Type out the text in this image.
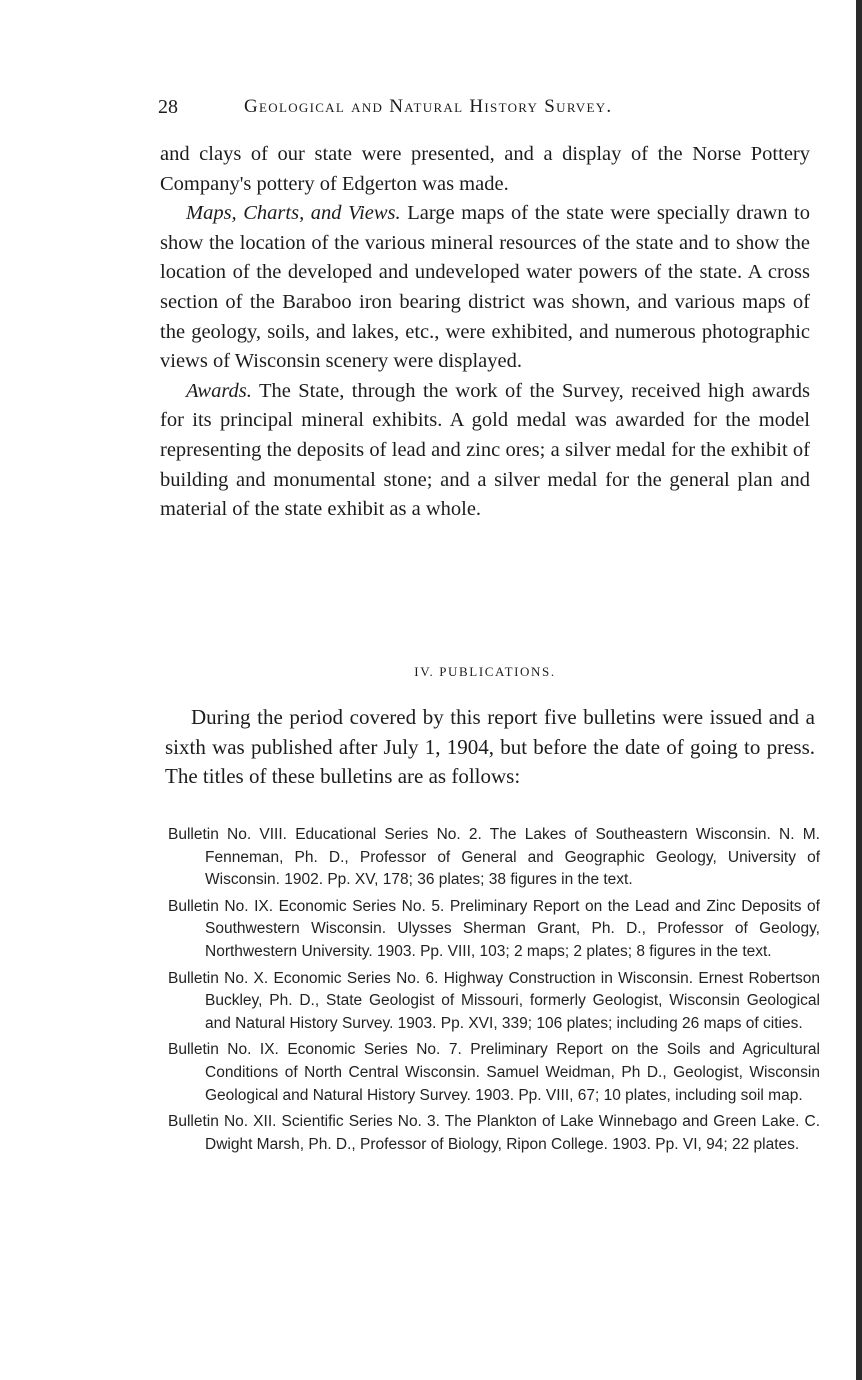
28	Geological and Natural History Survey.

and clays of our state were presented, and a display of the Norse Pottery Company's pottery of Edgerton was made.

Maps, Charts, and Views. Large maps of the state were specially drawn to show the location of the various mineral resources of the state and to show the location of the developed and undeveloped water powers of the state. A cross section of the Baraboo iron bearing district was shown, and various maps of the geology, soils, and lakes, etc., were exhibited, and numerous photographic views of Wisconsin scenery were displayed.

Awards. The State, through the work of the Survey, received high awards for its principal mineral exhibits. A gold medal was awarded for the model representing the deposits of lead and zinc ores; a silver medal for the exhibit of building and monumental stone; and a silver medal for the general plan and material of the state exhibit as a whole.

IV. PUBLICATIONS.

During the period covered by this report five bulletins were issued and a sixth was published after July 1, 1904, but before the date of going to press. The titles of these bulletins are as follows:

Bulletin No. VIII. Educational Series No. 2. The Lakes of Southeastern Wisconsin. N. M. Fenneman, Ph. D., Professor of General and Geographic Geology, University of Wisconsin. 1902. Pp. XV, 178; 36 plates; 38 figures in the text.

Bulletin No. IX. Economic Series No. 5. Preliminary Report on the Lead and Zinc Deposits of Southwestern Wisconsin. Ulysses Sherman Grant, Ph. D., Professor of Geology, Northwestern University. 1903. Pp. VIII, 103; 2 maps; 2 plates; 8 figures in the text.

Bulletin No. X. Economic Series No. 6. Highway Construction in Wisconsin. Ernest Robertson Buckley, Ph. D., State Geologist of Missouri, formerly Geologist, Wisconsin Geological and Natural History Survey. 1903. Pp. XVI, 339; 106 plates; including 26 maps of cities.

Bulletin No. IX. Economic Series No. 7. Preliminary Report on the Soils and Agricultural Conditions of North Central Wisconsin. Samuel Weidman, Ph D., Geologist, Wisconsin Geological and Natural History Survey. 1903. Pp. VIII, 67; 10 plates, including soil map.

Bulletin No. XII. Scientific Series No. 3. The Plankton of Lake Winnebago and Green Lake. C. Dwight Marsh, Ph. D., Professor of Biology, Ripon College. 1903. Pp. VI, 94; 22 plates.
